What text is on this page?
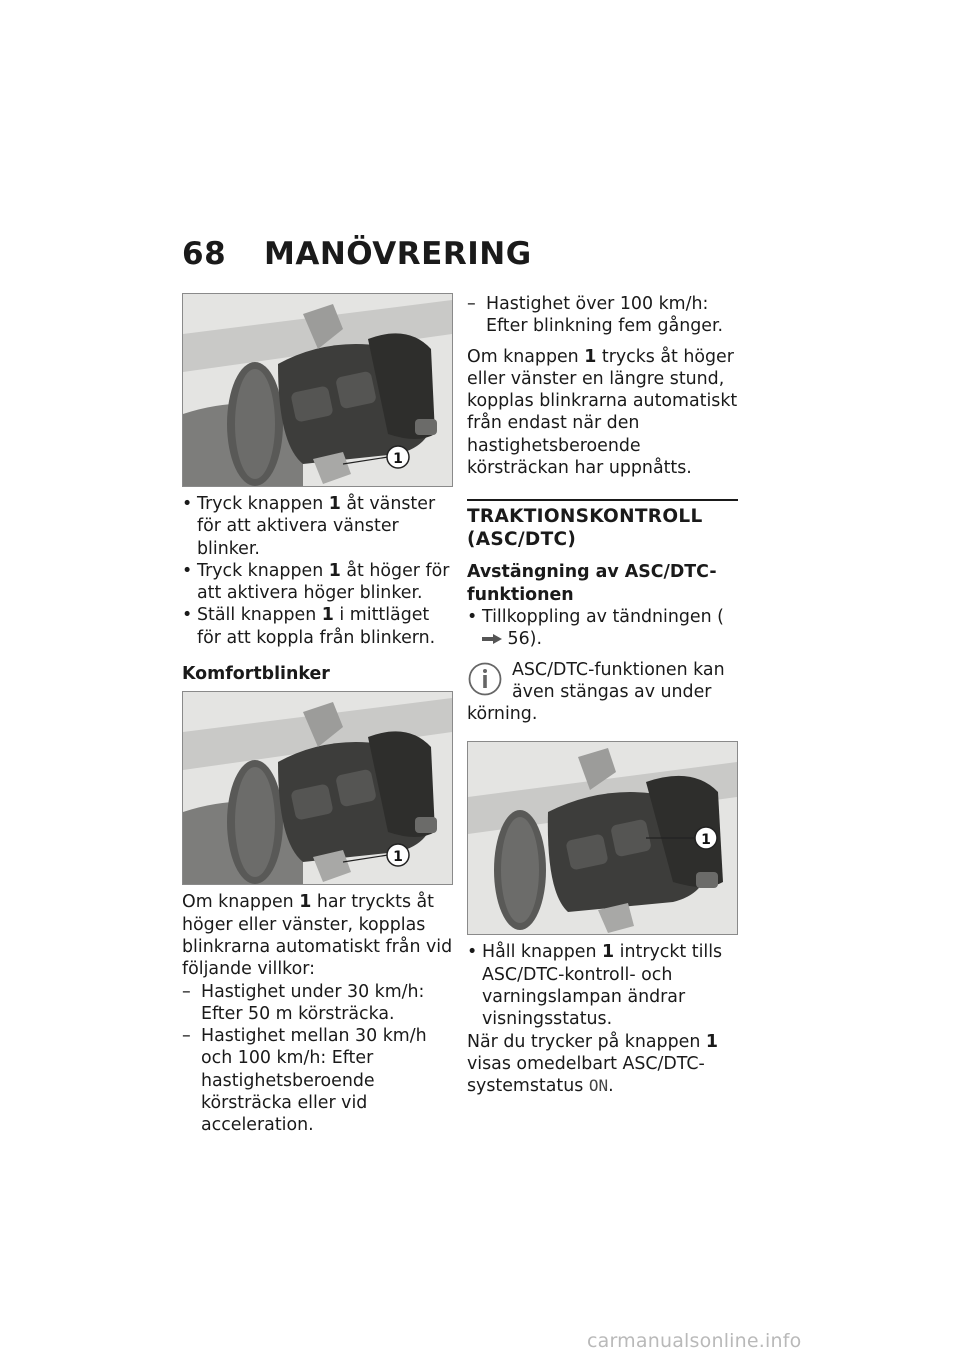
68 MANÖVRERING
1
• Tryck knappen 1 åt vänster för att aktivera vänster blinker.
• Tryck knappen 1 åt höger för att aktivera höger blinker.
• Ställ knappen 1 i mittläget för att koppla från blinkern.
Komfortblinker
1
Om knappen 1 har tryckts åt höger eller vänster, kopplas blinkrarna automatiskt från vid följande villkor:
– Hastighet under 30 km/h: Efter 50 m körsträcka.
– Hastighet mellan 30 km/h och 100 km/h: Efter hastighetsberoende körsträcka eller vid acceleration.
– Hastighet över 100 km/h: Efter blinkning fem gånger.
Om knappen 1 trycks åt höger eller vänster en längre stund, kopplas blinkrarna automatiskt från endast när den hastighetsberoende körsträckan har uppnåtts.
TRAKTIONSKONTROLL (ASC/DTC)
Avstängning av ASC/DTC-funktionen
• Tillkoppling av tändningen ( 56).
ASC/DTC-funktionen kan även stängas av under
körning.
1
• Håll knappen 1 intryckt tills ASC/DTC-kontroll- och varningslampan ändrar visningsstatus.
När du trycker på knappen 1 visas omedelbart ASC/DTC-systemstatus ON.
carmanualsonline.info
